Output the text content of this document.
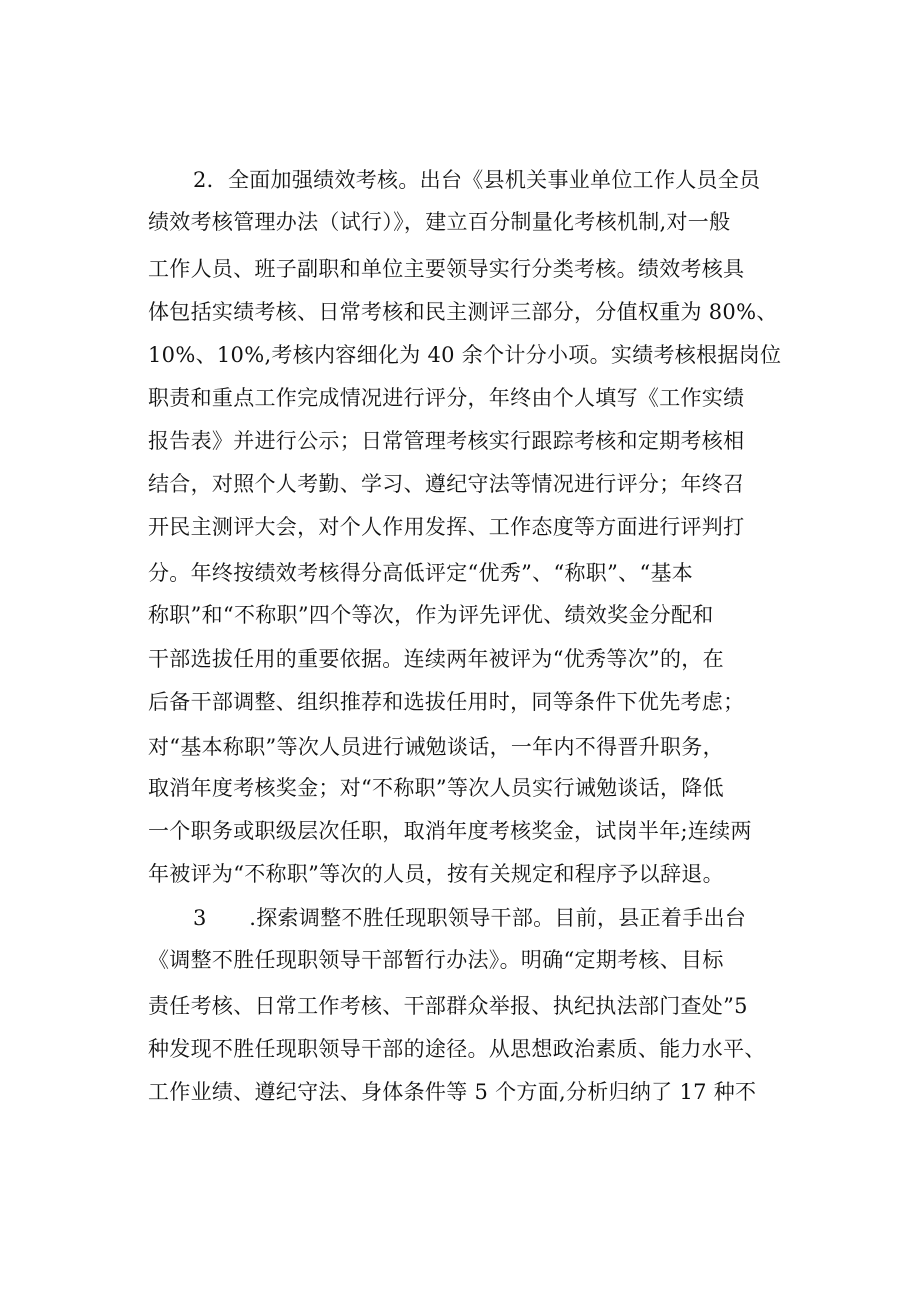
2．全面加强绩效考核。出台《县机关事业单位工作人员全员
绩效考核管理办法（试行）》，建立百分制量化考核机制,对一般
工作人员、班子副职和单位主要领导实行分类考核。绩效考核具
体包括实绩考核、日常考核和民主测评三部分，分值权重为 80%、
10%、10%,考核内容细化为 40 余个计分小项。实绩考核根据岗位
职责和重点工作完成情况进行评分，年终由个人填写《工作实绩
报告表》并进行公示；日常管理考核实行跟踪考核和定期考核相
结合，对照个人考勤、学习、遵纪守法等情况进行评分；年终召
开民主测评大会，对个人作用发挥、工作态度等方面进行评判打
分。年终按绩效考核得分高低评定“优秀”、“称职”、“基本
称职”和“不称职”四个等次，作为评先评优、绩效奖金分配和
干部选拔任用的重要依据。连续两年被评为“优秀等次”的，在
后备干部调整、组织推荐和选拔任用时，同等条件下优先考虑；
对“基本称职”等次人员进行诫勉谈话，一年内不得晋升职务，
取消年度考核奖金；对“不称职”等次人员实行诫勉谈话，降低
一个职务或职级层次任职，取消年度考核奖金，试岗半年;连续两
年被评为“不称职”等次的人员，按有关规定和程序予以辞退。
3　　.探索调整不胜任现职领导干部。目前，县正着手出台
《调整不胜任现职领导干部暂行办法》。明确“定期考核、目标
责任考核、日常工作考核、干部群众举报、执纪执法部门查处”5
种发现不胜任现职领导干部的途径。从思想政治素质、能力水平、
工作业绩、遵纪守法、身体条件等 5 个方面,分析归纳了 17 种不
